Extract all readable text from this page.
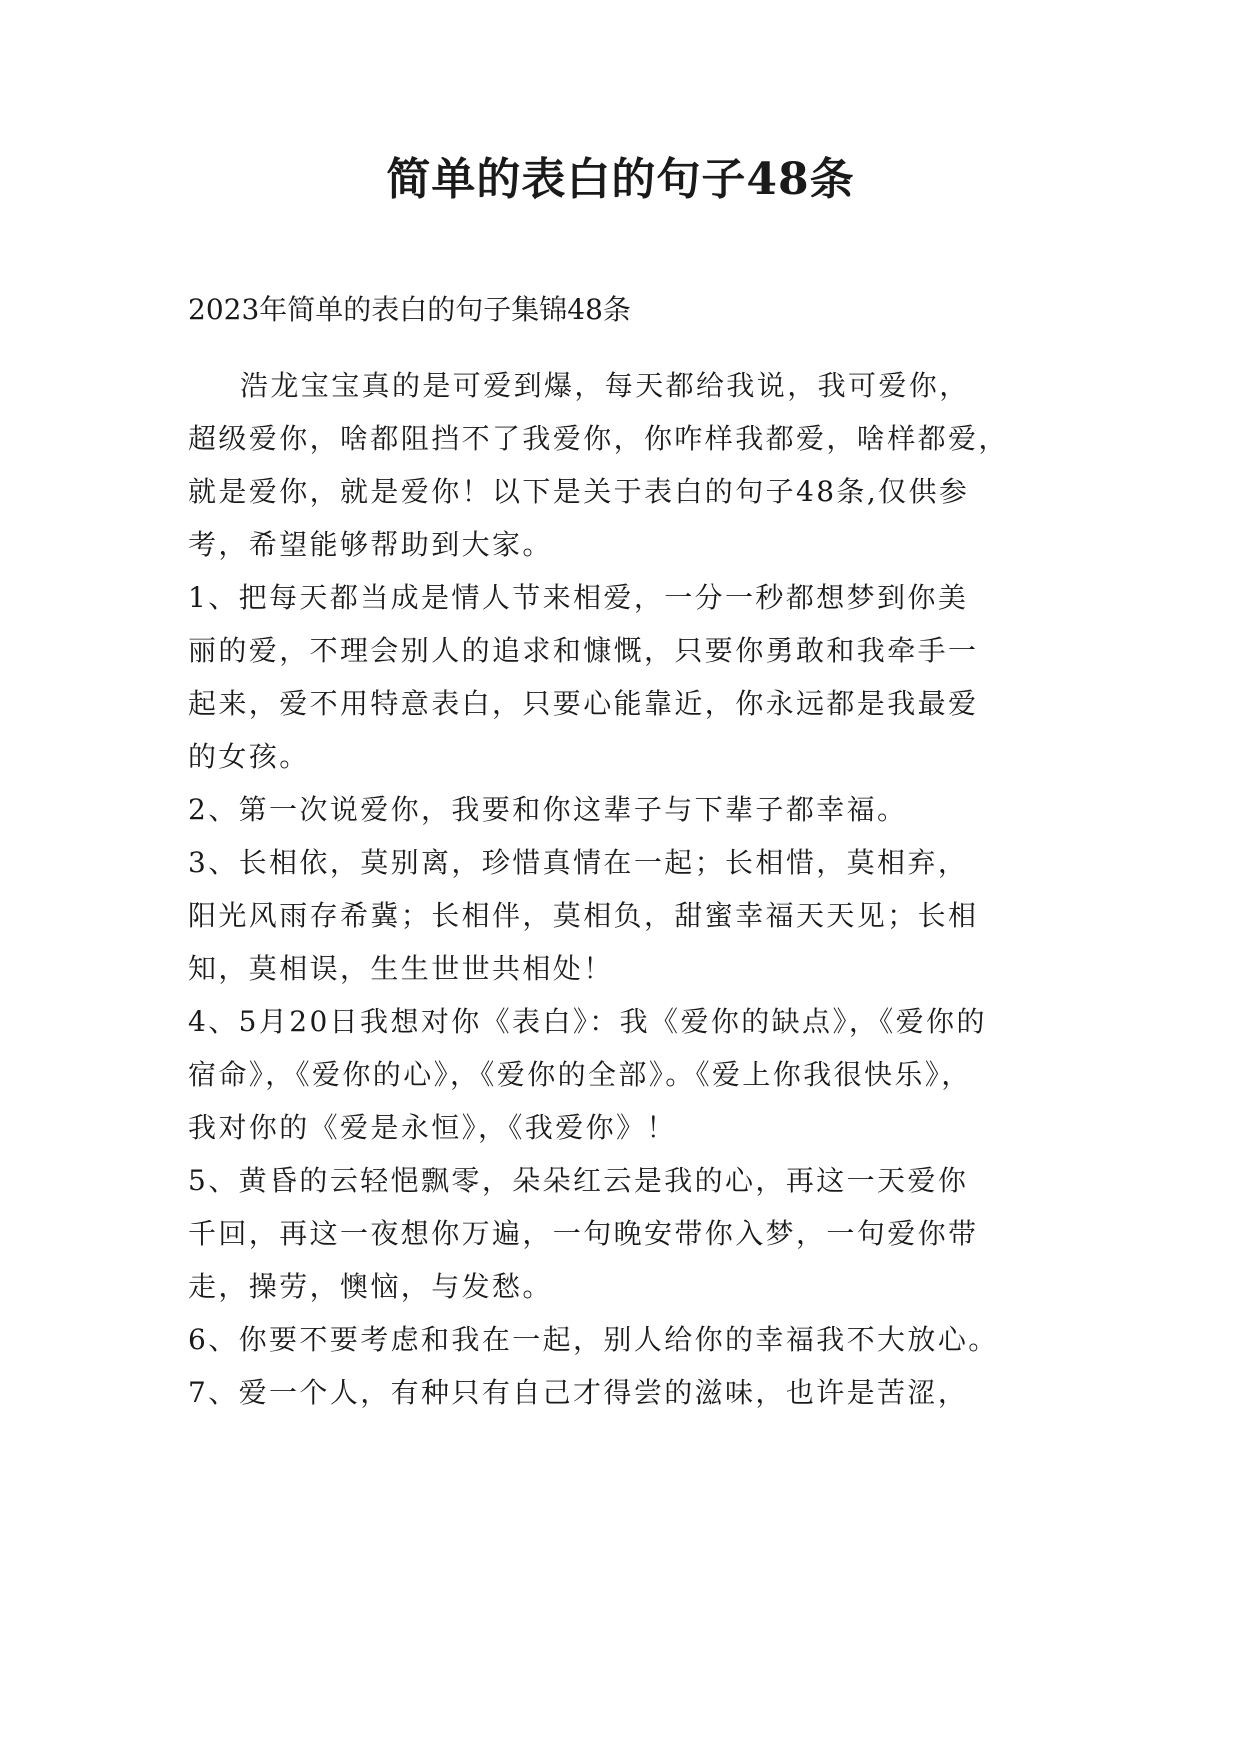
简单的表白的句子48条
2023年简单的表白的句子集锦48条
浩龙宝宝真的是可爱到爆，每天都给我说，我可爱你，
超级爱你，啥都阻挡不了我爱你，你咋样我都爱，啥样都爱，
就是爱你，就是爱你！以下是关于表白的句子48条,仅供参
考，希望能够帮助到大家。
1、把每天都当成是情人节来相爱，一分一秒都想梦到你美
丽的爱，不理会别人的追求和慷慨，只要你勇敢和我牵手一
起来，爱不用特意表白，只要心能靠近，你永远都是我最爱
的女孩。
2、第一次说爱你，我要和你这辈子与下辈子都幸福。
3、长相依，莫别离，珍惜真情在一起；长相惜，莫相弃，
阳光风雨存希冀；长相伴，莫相负，甜蜜幸福天天见；长相
知，莫相误，生生世世共相处！
4、5月20日我想对你《表白》：我《爱你的缺点》，《爱你的
宿命》，《爱你的心》，《爱你的全部》。《爱上你我很快乐》，
我对你的《爱是永恒》，《我爱你》！
5、黄昏的云轻悒飘零，朵朵红云是我的心，再这一天爱你
千回，再这一夜想你万遍，一句晚安带你入梦，一句爱你带
走，操劳，懊恼，与发愁。
6、你要不要考虑和我在一起，别人给你的幸福我不大放心。
7、爱一个人，有种只有自己才得尝的滋味，也许是苦涩，
